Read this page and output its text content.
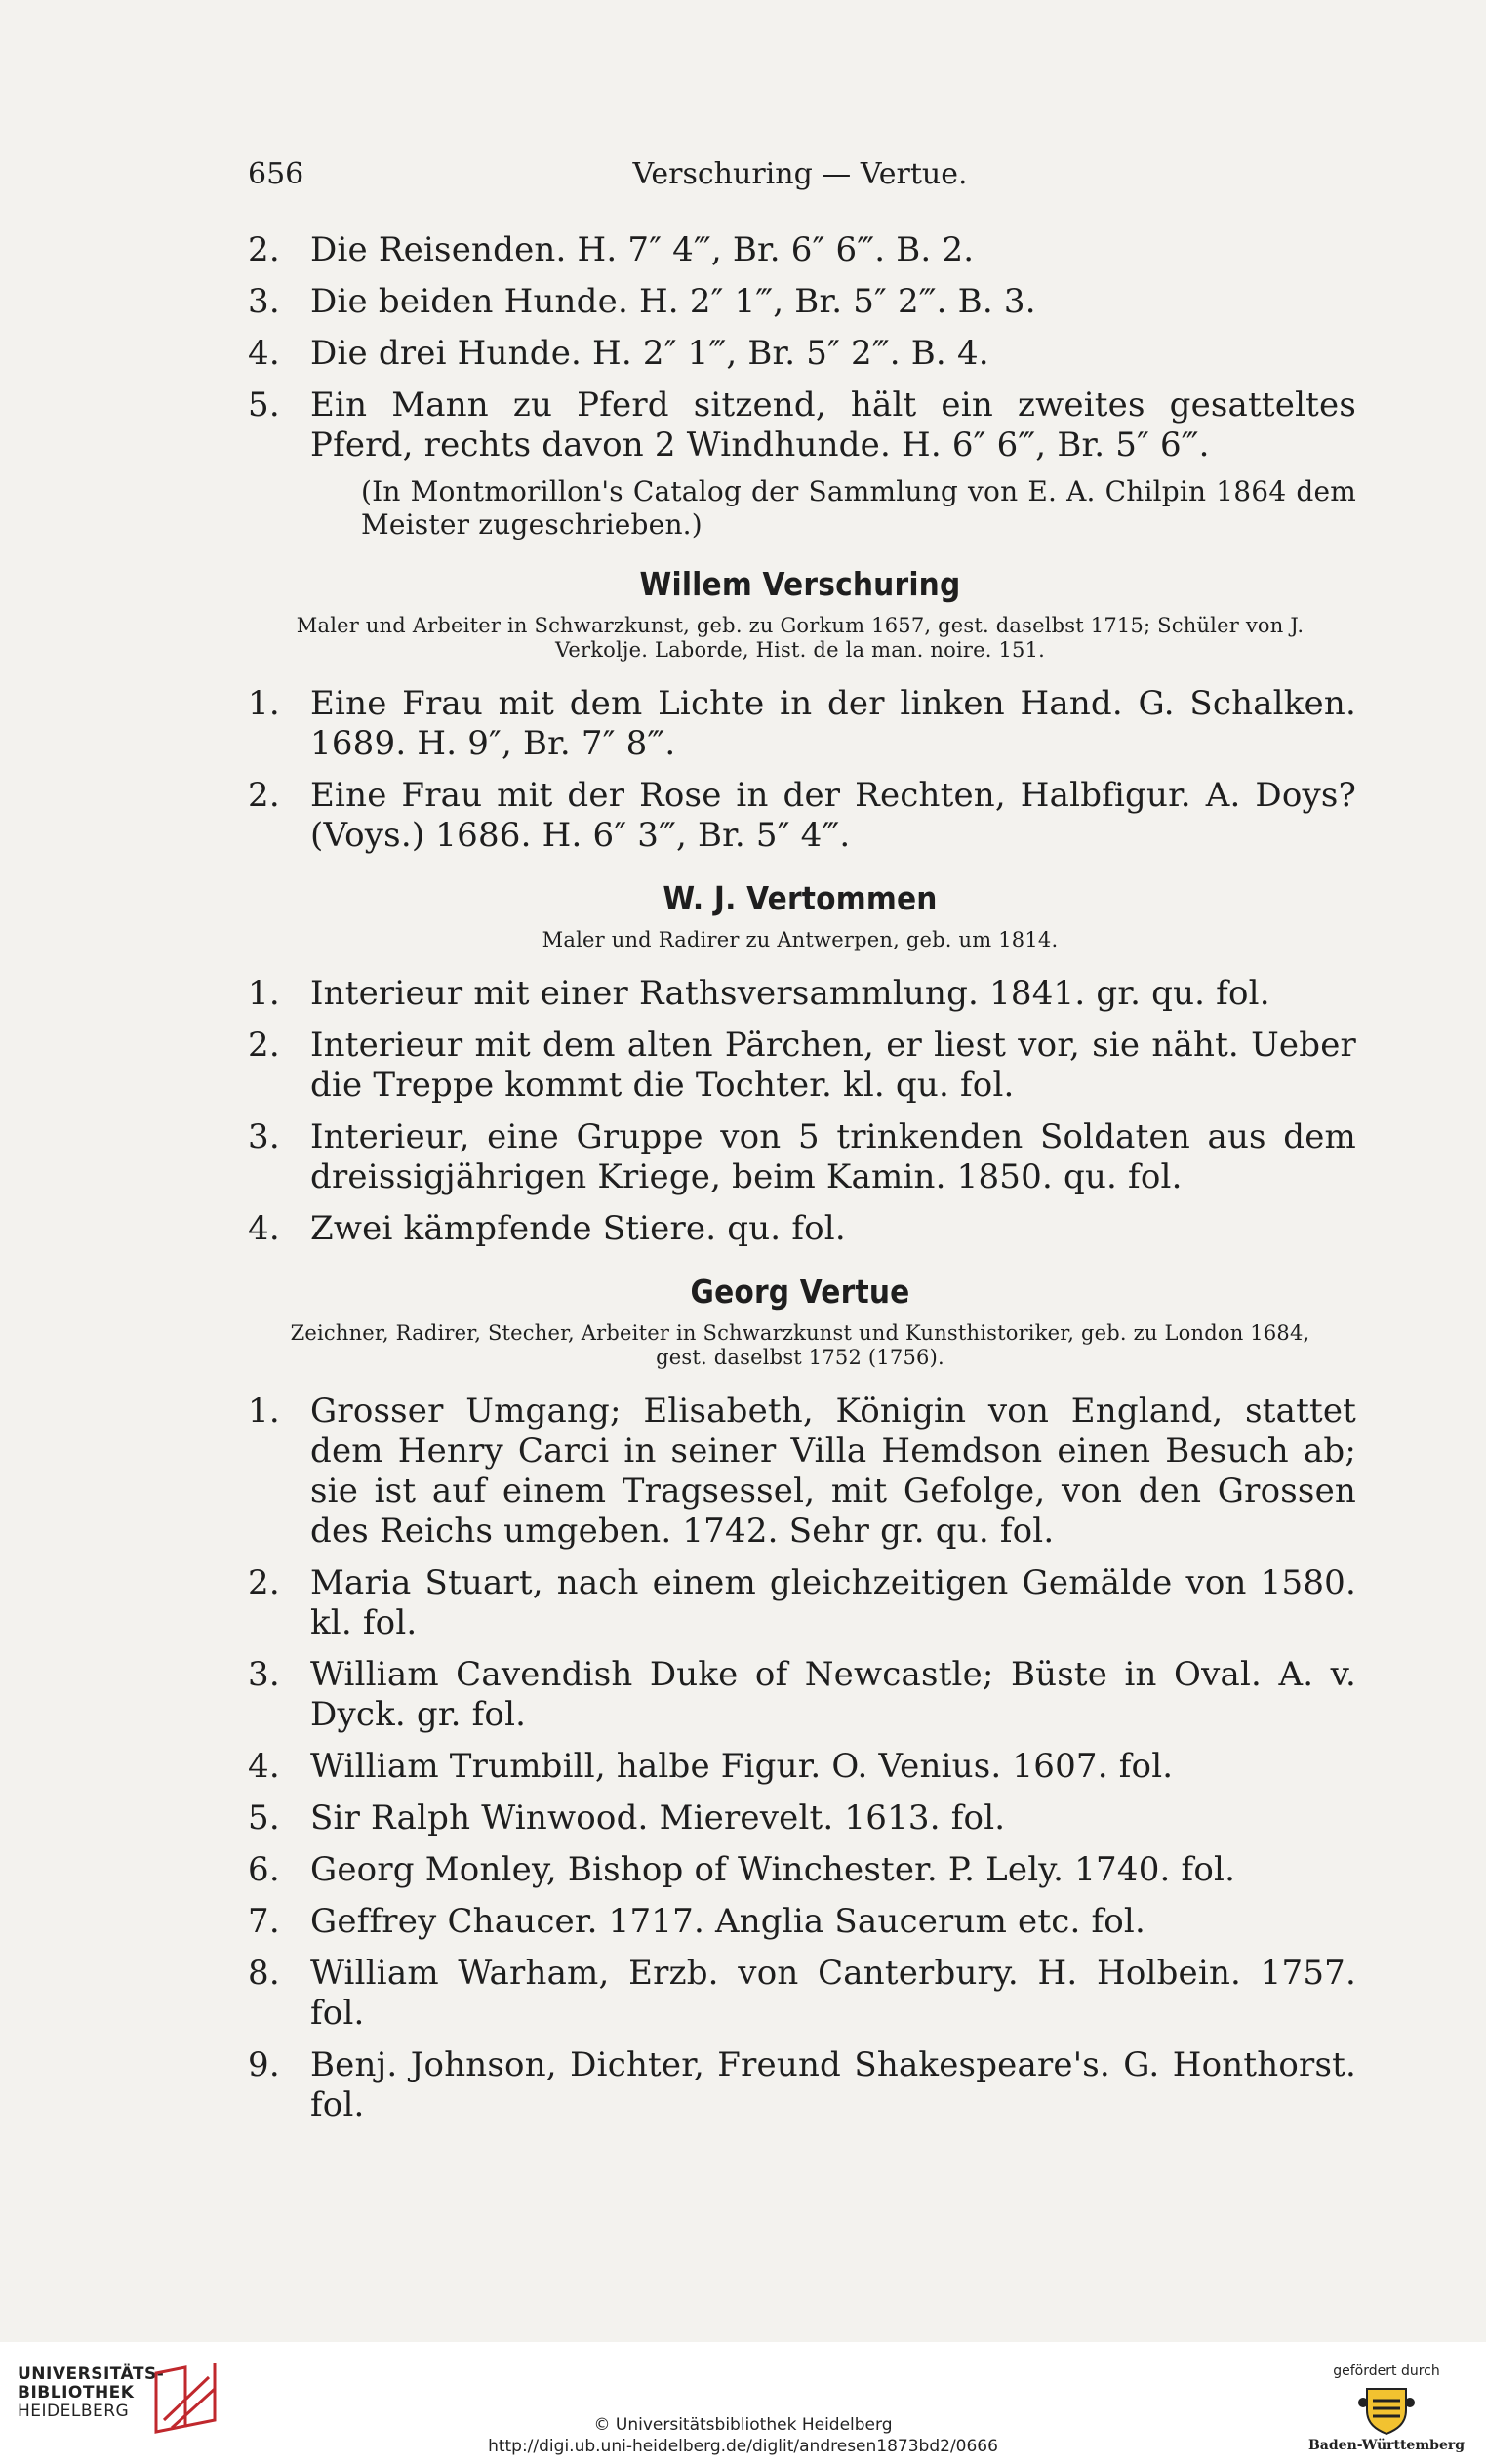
656	Verschuring — Vertue.
2. Die Reisenden. H. 7″ 4‴, Br. 6″ 6‴. B. 2.
3. Die beiden Hunde. H. 2″ 1‴, Br. 5″ 2‴. B. 3.
4. Die drei Hunde. H. 2″ 1‴, Br. 5″ 2‴. B. 4.
5. Ein Mann zu Pferd sitzend, hält ein zweites gesatteltes Pferd, rechts davon 2 Windhunde. H. 6″ 6‴, Br. 5″ 6‴.
(In Montmorillon's Catalog der Sammlung von E. A. Chilpin 1864 dem Meister zugeschrieben.)
Willem Verschuring
Maler und Arbeiter in Schwarzkunst, geb. zu Gorkum 1657, gest. daselbst 1715; Schüler von J. Verkolje. Laborde, Hist. de la man. noire. 151.
1. Eine Frau mit dem Lichte in der linken Hand. G. Schalken. 1689. H. 9″, Br. 7″ 8‴.
2. Eine Frau mit der Rose in der Rechten, Halbfigur. A. Doys? (Voys.) 1686. H. 6″ 3‴, Br. 5″ 4‴.
W. J. Vertommen
Maler und Radirer zu Antwerpen, geb. um 1814.
1. Interieur mit einer Rathsversammlung. 1841. gr. qu. fol.
2. Interieur mit dem alten Pärchen, er liest vor, sie näht. Ueber die Treppe kommt die Tochter. kl. qu. fol.
3. Interieur, eine Gruppe von 5 trinkenden Soldaten aus dem dreissigjährigen Kriege, beim Kamin. 1850. qu. fol.
4. Zwei kämpfende Stiere. qu. fol.
Georg Vertue
Zeichner, Radirer, Stecher, Arbeiter in Schwarzkunst und Kunsthistoriker, geb. zu London 1684, gest. daselbst 1752 (1756).
1. Grosser Umgang; Elisabeth, Königin von England, stattet dem Henry Carci in seiner Villa Hemdson einen Besuch ab; sie ist auf einem Tragsessel, mit Gefolge, von den Grossen des Reichs umgeben. 1742. Sehr gr. qu. fol.
2. Maria Stuart, nach einem gleichzeitigen Gemälde von 1580. kl. fol.
3. William Cavendish Duke of Newcastle; Büste in Oval. A. v. Dyck. gr. fol.
4. William Trumbill, halbe Figur. O. Venius. 1607. fol.
5. Sir Ralph Winwood. Mierevelt. 1613. fol.
6. Georg Monley, Bishop of Winchester. P. Lely. 1740. fol.
7. Geffrey Chaucer. 1717. Anglia Saucerum etc. fol.
8. William Warham, Erzb. von Canterbury. H. Holbein. 1757. fol.
9. Benj. Johnson, Dichter, Freund Shakespeare's. G. Honthorst. fol.
UNIVERSITÄTS-
BIBLIOTHEK
HEIDELBERG
© Universitätsbibliothek Heidelberg
http://digi.ub.uni-heidelberg.de/diglit/andresen1873bd2/0666
gefördert durch
Baden-Württemberg
